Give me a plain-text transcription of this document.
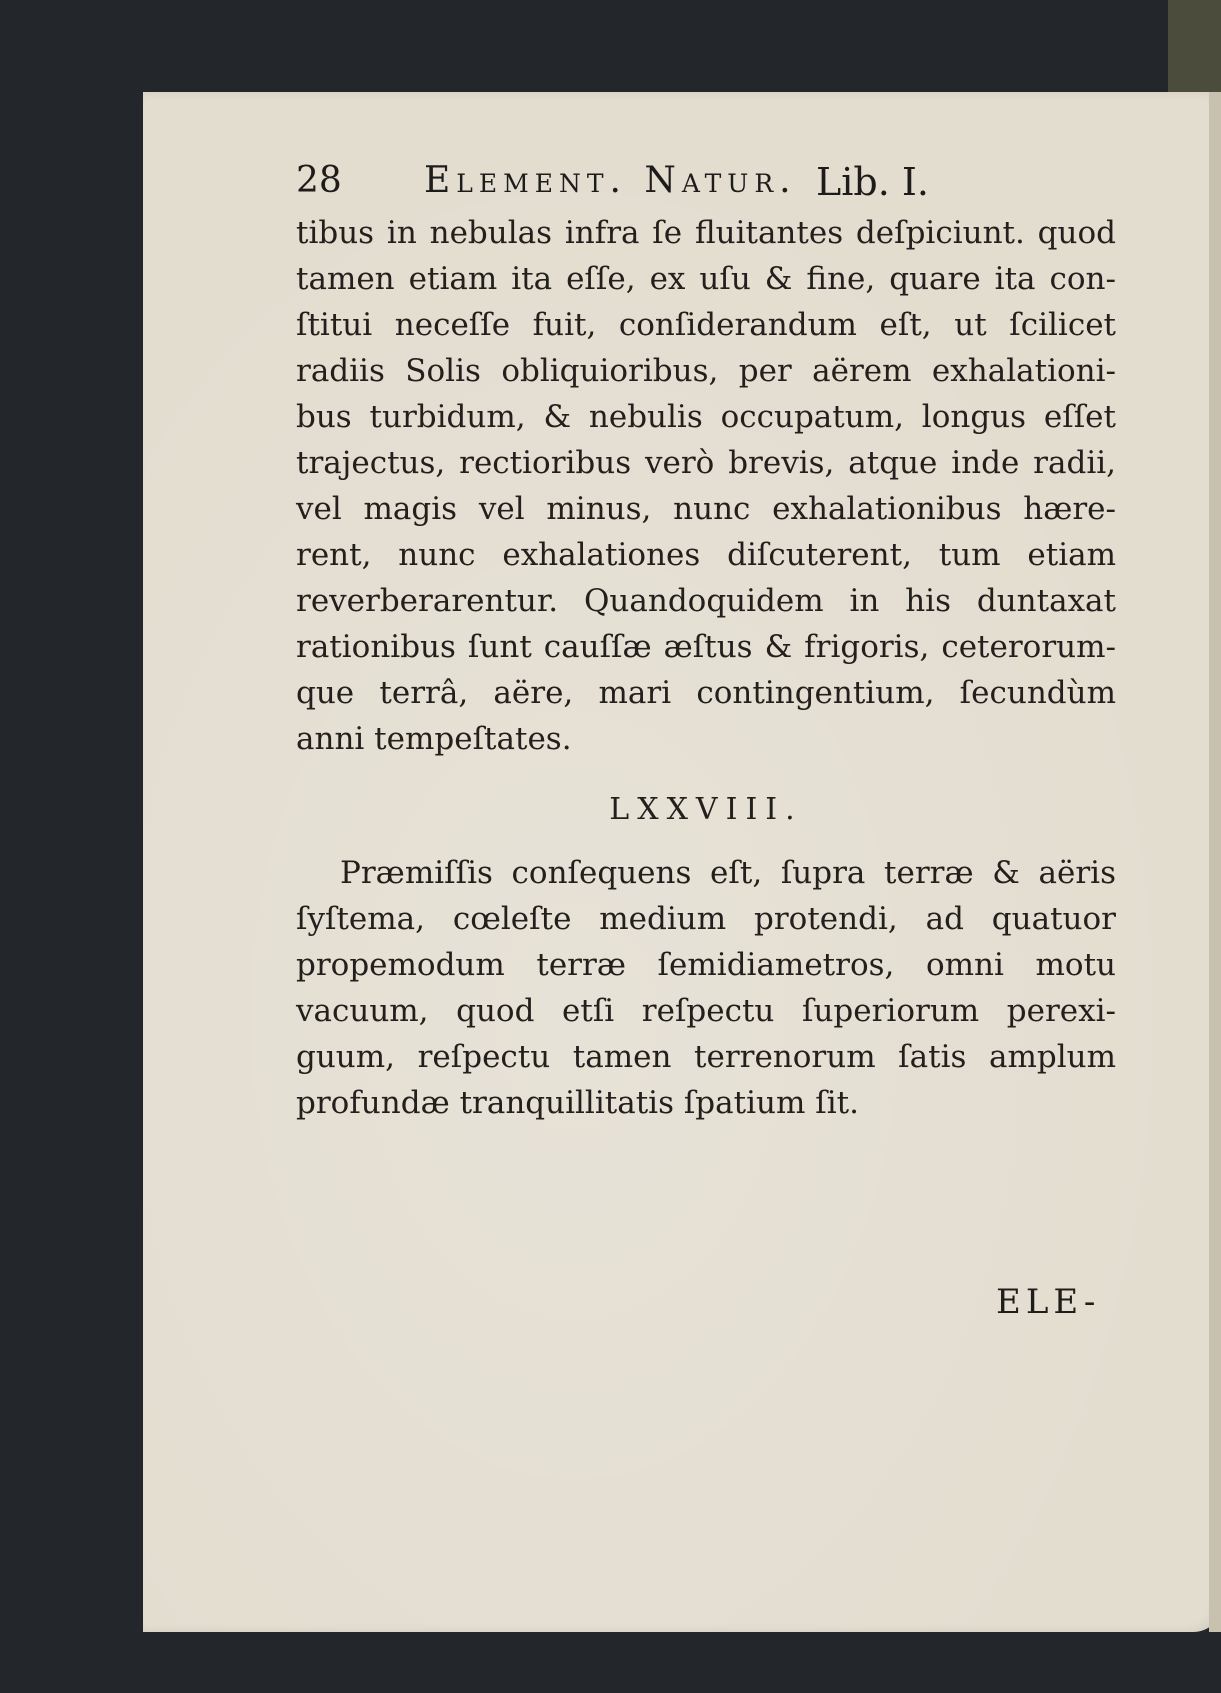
28 Element. Natur. Lib. I.
tibus in nebulas infra ſe fluitantes deſpiciunt. quod
tamen etiam ita eſſe, ex uſu & fine, quare ita con-
ſtitui neceſſe fuit, conſiderandum eſt, ut ſcilicet
radiis Solis obliquioribus, per aërem exhalationi-
bus turbidum, & nebulis occupatum, longus eſſet
trajectus, rectioribus verò brevis, atque inde radii,
vel magis vel minus, nunc exhalationibus hære-
rent, nunc exhalationes diſcuterent, tum etiam
reverberarentur. Quandoquidem in his duntaxat
rationibus ſunt cauſſæ æſtus & frigoris, ceterorum-
que terrâ, aëre, mari contingentium, ſecundùm
anni tempeſtates.
LXXVIII.
Præmiſſis conſequens eſt, ſupra terræ & aëris
ſyſtema, cœleſte medium protendi, ad quatuor
propemodum terræ ſemidiametros, omni motu
vacuum, quod etſi reſpectu ſuperiorum perexi-
guum, reſpectu tamen terrenorum ſatis amplum
profundæ tranquillitatis ſpatium ſit.
ELE-
